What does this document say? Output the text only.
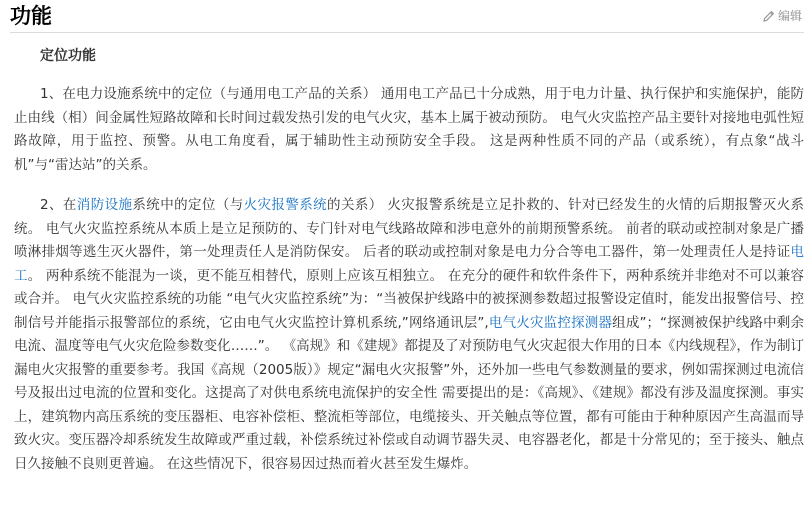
功能	编辑
定位功能
1、在电力设施系统中的定位（与通用电工产品的关系） 通用电工产品已十分成熟，用于电力计量、执行保护和实施保护，能防止由线（相）间金属性短路故障和长时间过载发热引发的电气火灾，基本上属于被动预防。 电气火灾监控产品主要针对接地电弧性短路故障，用于监控、预警。从电工角度看，属于辅助性主动预防安全手段。 这是两种性质不同的产品（或系统），有点象“战斗机”与“雷达站”的关系。
2、在消防设施系统中的定位（与火灾报警系统的关系） 火灾报警系统是立足扑救的、针对已经发生的火情的后期报警灭火系统。 电气火灾监控系统从本质上是立足预防的、专门针对电气线路故障和涉电意外的前期预警系统。 前者的联动或控制对象是广播喷淋排烟等逃生灭火器件，第一处理责任人是消防保安。 后者的联动或控制对象是电力分合等电工器件，第一处理责任人是持证电工。 两种系统不能混为一谈，更不能互相替代，原则上应该互相独立。 在充分的硬件和软件条件下，两种系统并非绝对不可以兼容或合并。 电气火灾监控系统的功能 “电气火灾监控系统”为：“当被保护线路中的被探测参数超过报警设定值时，能发出报警信号、控制信号并能指示报警部位的系统，它由电气火灾监控计算机系统,”网络通讯层”,电气火灾监控探测器组成”；“探测被保护线路中剩余电流、温度等电气火灾危险参数变化……”。 《高规》和《建规》都提及了对预防电气火灾起很大作用的日本《内线规程》，作为制订漏电火灾报警的重要参考。我国《高规（2005版）》规定“漏电火灾报警”外，还外加一些电气参数测量的要求，例如需探测过电流信号及报出过电流的位置和变化。这提高了对供电系统电流保护的安全性 需要提出的是：《高规》、《建规》都没有涉及温度探测。事实上，建筑物内高压系统的变压器柜、电容补偿柜、整流柜等部位，电缆接头、开关触点等位置，都有可能由于种种原因产生高温而导致火灾。变压器冷却系统发生故障或严重过载，补偿系统过补偿或自动调节器失灵、电容器老化，都是十分常见的；至于接头、触点日久接触不良则更普遍。 在这些情况下，很容易因过热而着火甚至发生爆炸。
